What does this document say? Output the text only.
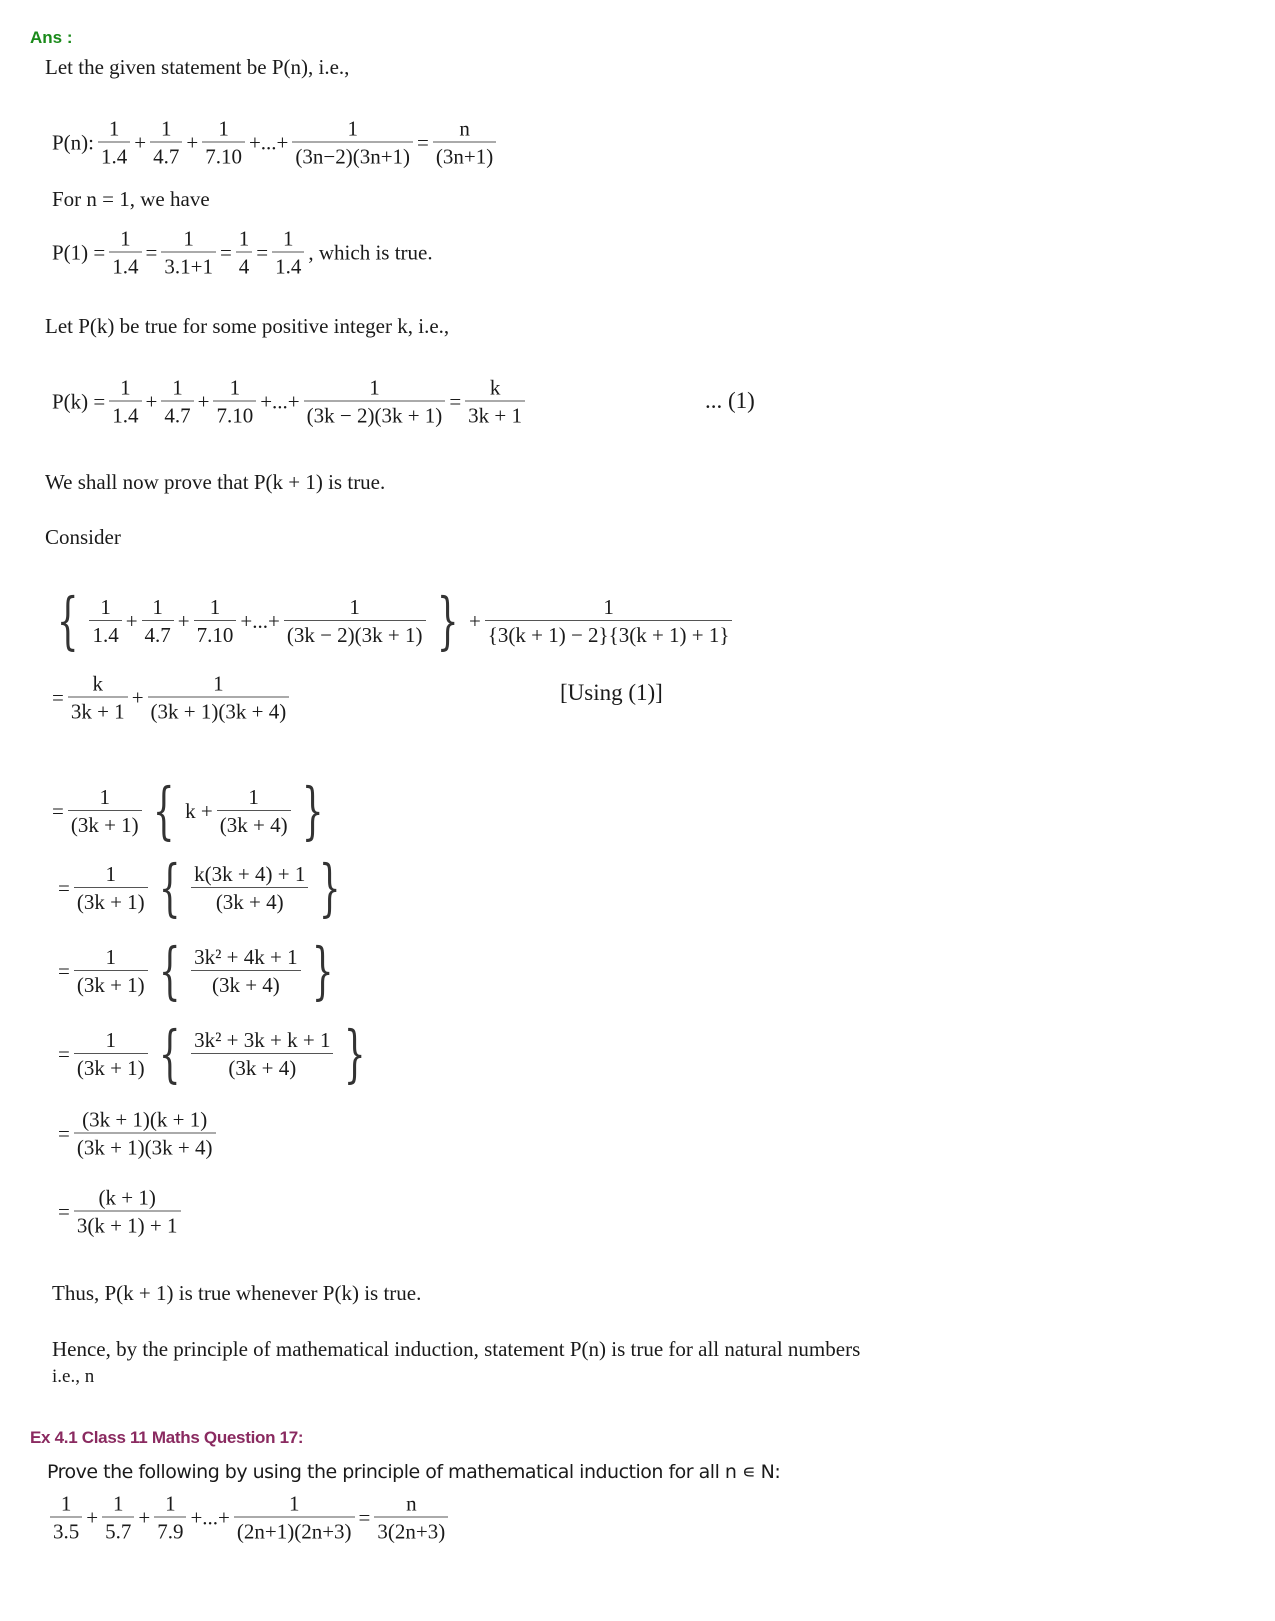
Ans :
Let the given statement be P(n), i.e.,
P(n): $\frac{1}{1.4} + \frac{1}{4.7} + \frac{1}{7.10}$ +...+ $\frac{1}{(3n-2)(3n+1)} = \frac{n}{(3n+1)}$
For n = 1, we have
$P(1) = \frac{1}{1.4} = \frac{1}{3.1+1} = \frac{1}{4} = \frac{1}{1.4}$ , which is true.
Let P(k) be true for some positive integer k, i.e.,
$P(k) = \frac{1}{1.4} + \frac{1}{4.7} + \frac{1}{7.10}$ +...+ $\frac{1}{(3k - 2)(3k + 1)} = \frac{k}{3k + 1}$	... (1)
We shall now prove that P(k + 1) is true.
Consider
{ $\frac{1}{1.4} + \frac{1}{4.7} + \frac{1}{7.10}$ +...+ $\frac{1}{(3k - 2)(3k + 1)}$ } + $\frac{1}{\{3(k + 1) - 2\}\{3(k + 1) + 1\}}$
= $\frac{k}{3k + 1} + \frac{1}{(3k + 1)(3k + 4)}$	[Using (1)]
= $\frac{1}{(3k + 1)}$ { $k + \frac{1}{(3k + 4)}$ }
= $\frac{1}{(3k + 1)}$ { $\frac{k(3k + 4) + 1}{(3k + 4)}$ }
= $\frac{1}{(3k + 1)}$ { $\frac{\text{3k² + 4k + 1}}{(3k + 4)}$ }
= $\frac{1}{(3k + 1)}$ { $\frac{\text{3k² + 3k + k + 1}}{(3k + 4)}$ }
= $\frac{(3k + 1)(k + 1)}{(3k + 1)(3k + 4)}$
= $\frac{(k + 1)}{3(k + 1) + 1}$
Thus, P(k + 1) is true whenever P(k) is true.
Hence, by the principle of mathematical induction, statement P(n) is true for all natural numbers
i.e., n
Ex 4.1 Class 11 Maths Question 17:
Prove the following by using the principle of mathematical induction for all n ∊ N:
$\frac{1}{3.5} + \frac{1}{5.7} + \frac{1}{7.9}$ +...+ $\frac{1}{(2n+1)(2n+3)} = \frac{n}{3(2n+3)}$
